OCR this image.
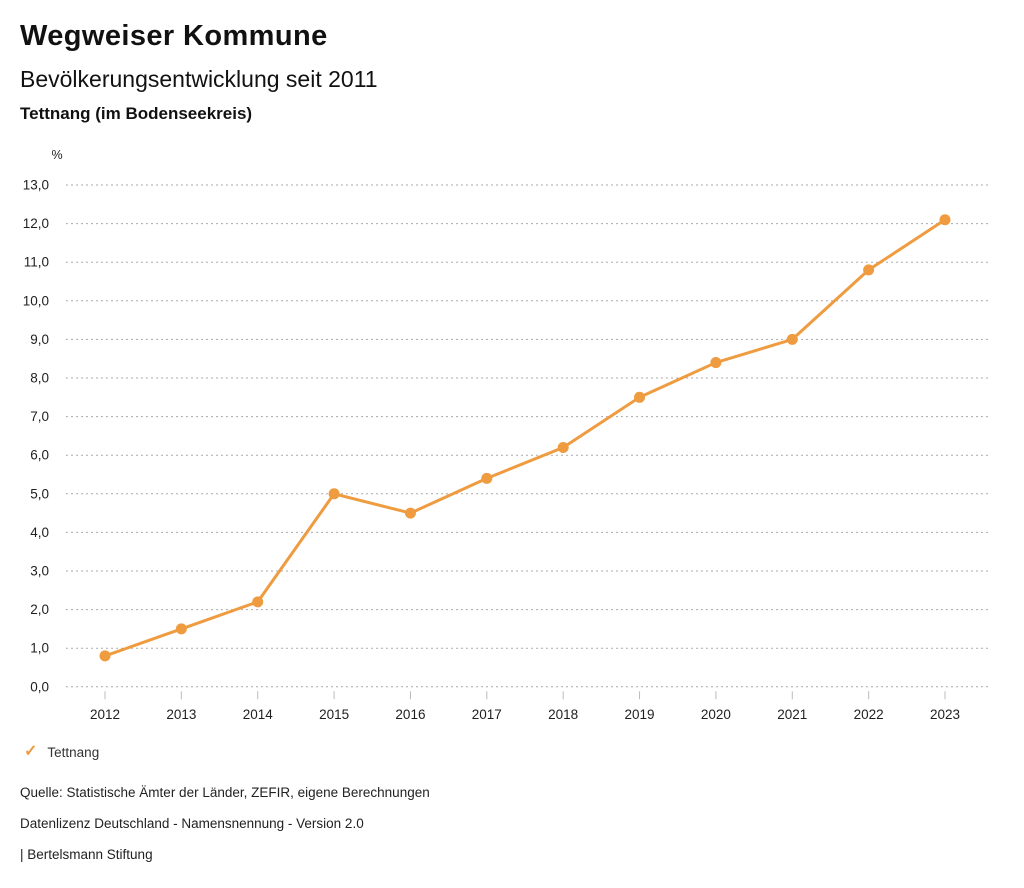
Wegweiser Kommune
Bevölkerungsentwicklung seit 2011
Tettnang (im Bodenseekreis)
0,0
1,0
2,0
3,0
4,0
5,0
6,0
7,0
8,0
9,0
10,0
11,0
12,0
13,0
%
2012	2013	2014	2015	2016	2017	2018	2019	2020	2021	2022	2023
✓ Tettnang

Quelle: Statistische Ämter der Länder, ZEFIR, eigene Berechnungen

Datenlizenz Deutschland - Namensnennung - Version 2.0

| Bertelsmann Stiftung
